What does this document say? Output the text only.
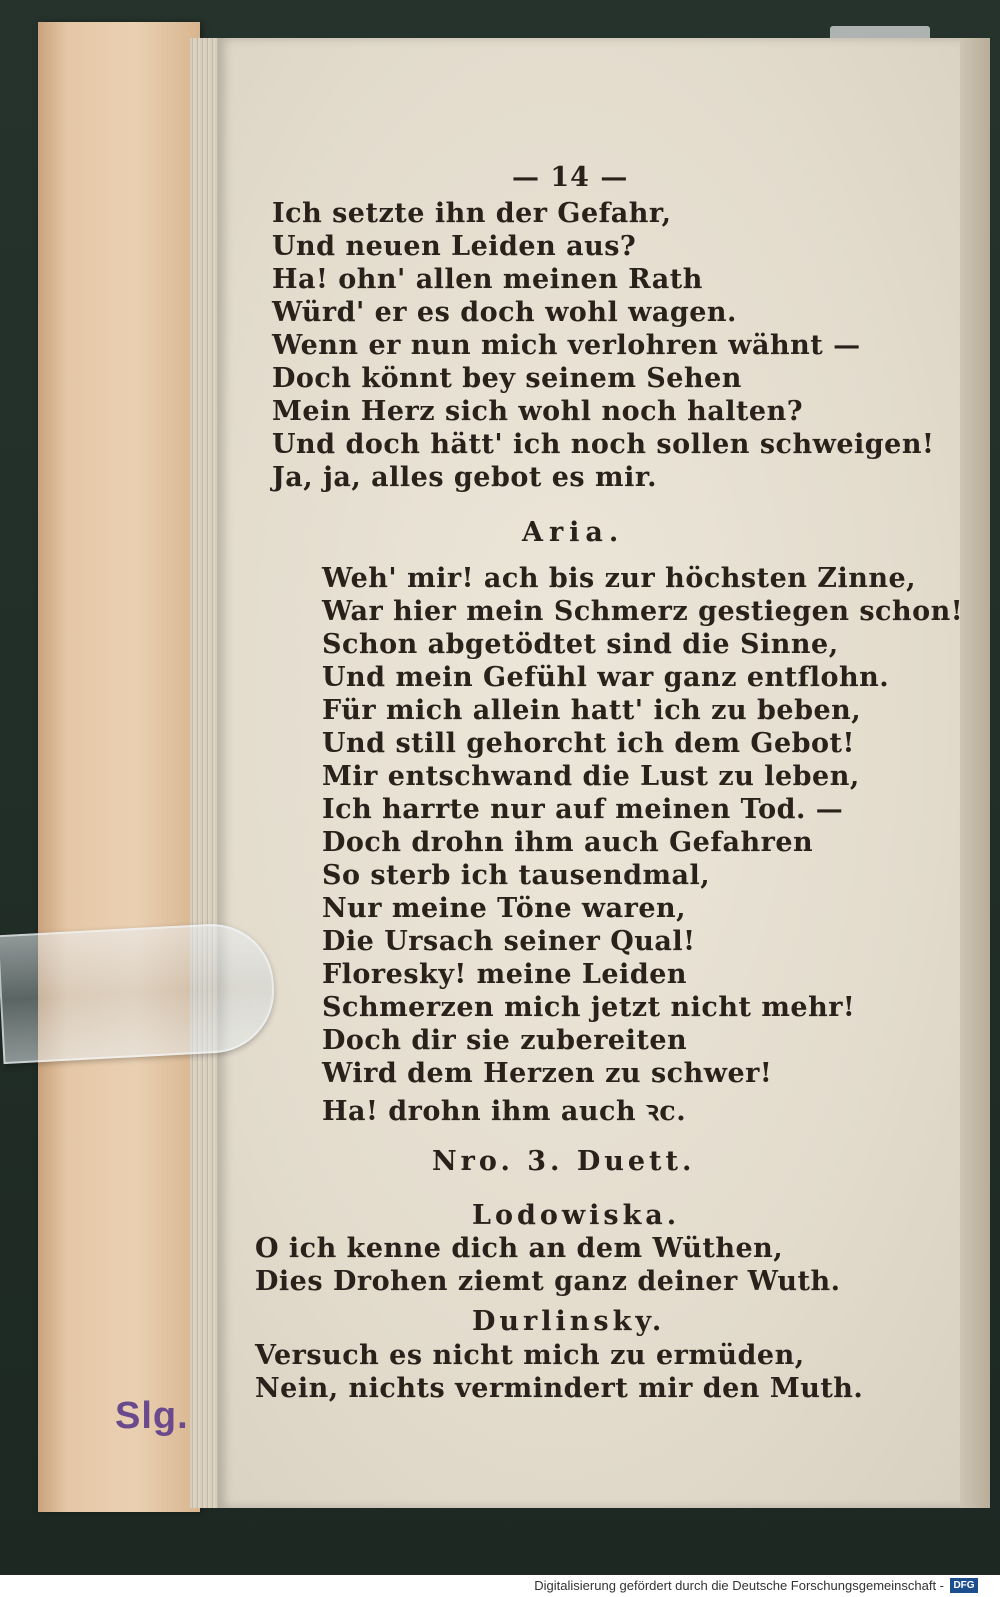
— 14 —
Ich setzte ihn der Gefahr,
Und neuen Leiden aus?
Ha! ohn' allen meinen Rath
Würd' er es doch wohl wagen.
Wenn er nun mich verlohren wähnt —
Doch könnt bey seinem Sehen
Mein Herz sich wohl noch halten?
Und doch hätt' ich noch sollen schweigen!
Ja, ja, alles gebot es mir.
Aria.
Weh' mir! ach bis zur höchsten Zinne,
War hier mein Schmerz gestiegen schon!
Schon abgetödtet sind die Sinne,
Und mein Gefühl war ganz entflohn.
Für mich allein hatt' ich zu beben,
Und still gehorcht ich dem Gebot!
Mir entschwand die Lust zu leben,
Ich harrte nur auf meinen Tod. —
Doch drohn ihm auch Gefahren
So sterb ich tausendmal,
Nur meine Töne waren,
Die Ursach seiner Qual!
Floresky! meine Leiden
Schmerzen mich jetzt nicht mehr!
Doch dir sie zubereiten
Wird dem Herzen zu schwer!
Ha! drohn ihm auch ꝛc.
Nro. 3. Duett.
Lodowiska.
O ich kenne dich an dem Wüthen,
Dies Drohen ziemt ganz deiner Wuth.
Durlinsky.
Versuch es nicht mich zu ermüden,
Nein, nichts vermindert mir den Muth.
Slg.
Digitalisierung gefördert durch die Deutsche Forschungsgemeinschaft - DFG
